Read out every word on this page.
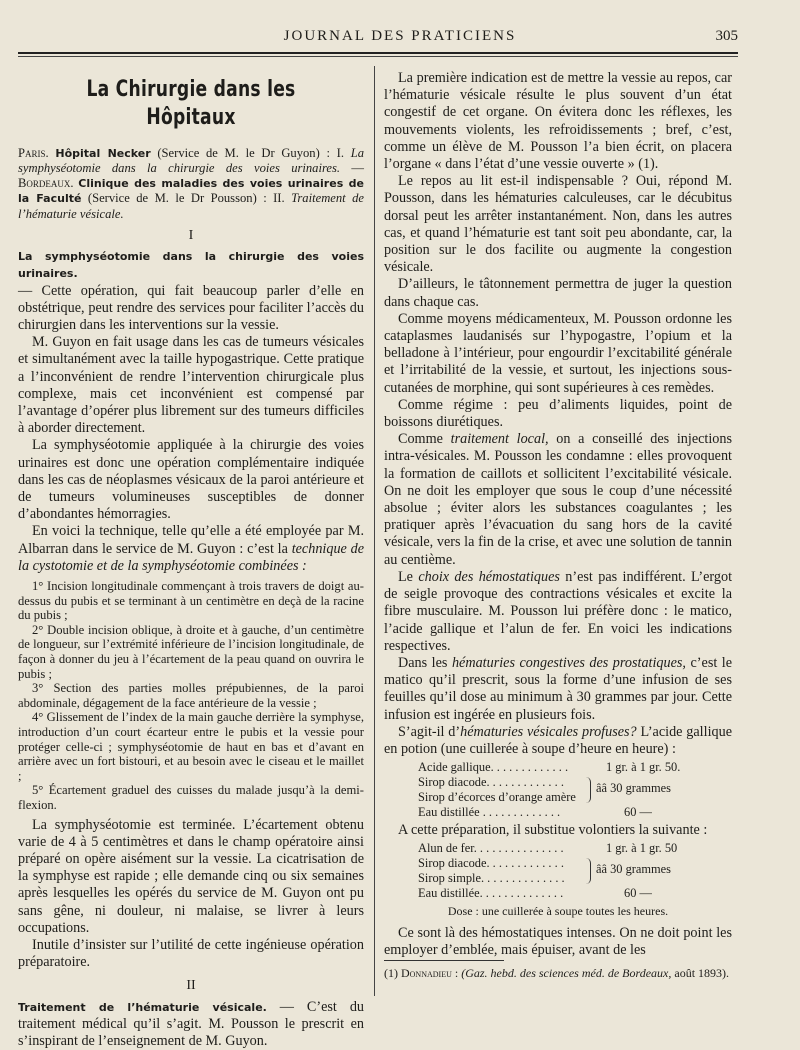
JOURNAL DES PRATICIENS	305
La Chirurgie dans les Hôpitaux

Paris. Hôpital Necker (Service de M. le Dr Guyon) : I. La symphyséotomie dans la chirurgie des voies urinaires. — Bordeaux. Clinique des maladies des voies urinaires de la Faculté (Service de M. le Dr Pousson) : II. Traitement de l’hématurie vésicale.

I

La symphyséotomie dans la chirurgie des voies urinaires.

— Cette opération, qui fait beaucoup parler d’elle en obstétrique, peut rendre des services pour faciliter l’accès du chirurgien dans les interventions sur la vessie.

M. Guyon en fait usage dans les cas de tumeurs vésicales et simultanément avec la taille hypogastrique. Cette pratique a l’inconvénient de rendre l’intervention chirurgicale plus complexe, mais cet inconvénient est compensé par l’avantage d’opérer plus librement sur des tumeurs difficiles à aborder directement.

La symphyséotomie appliquée à la chirurgie des voies urinaires est donc une opération complémentaire indiquée dans les cas de néoplasmes vésicaux de la paroi antérieure et de tumeurs volumineuses susceptibles de donner d’abondantes hémorragies.

En voici la technique, telle qu’elle a été employée par M. Albarran dans le service de M. Guyon : c’est la technique de la cystotomie et de la symphyséotomie combinées :

1° Incision longitudinale commençant à trois travers de doigt au-dessus du pubis et se terminant à un centimètre en deçà de la racine du pubis ;

2° Double incision oblique, à droite et à gauche, d’un centimètre de longueur, sur l’extrémité inférieure de l’incision longitudinale, de façon à donner du jeu à l’écartement de la peau quand on ouvrira le pubis ;

3° Section des parties molles prépubiennes, de la paroi abdominale, dégagement de la face antérieure de la vessie ;

4° Glissement de l’index de la main gauche derrière la symphyse, introduction d’un court écarteur entre le pubis et la vessie pour protéger celle-ci ; symphyséotomie de haut en bas et d’avant en arrière avec un fort bistouri, et au besoin avec le ciseau et le maillet ;

5° Écartement graduel des cuisses du malade jusqu’à la demi-flexion.

La symphyséotomie est terminée. L’écartement obtenu varie de 4 à 5 centimètres et dans le champ opératoire ainsi préparé on opère aisément sur la vessie. La cicatrisation de la symphyse est rapide ; elle demande cinq ou six semaines après lesquelles les opérés du service de M. Guyon ont pu sans gêne, ni douleur, ni malaise, se livrer à leurs occupations.

Inutile d’insister sur l’utilité de cette ingénieuse opération préparatoire.

II

Traitement de l’hématurie vésicale. — C’est du traitement médical qu’il s’agit. M. Pousson le prescrit en s’inspirant de l’enseignement de M. Guyon.

La première indication est de mettre la vessie au repos, car l’hématurie vésicale résulte le plus souvent d’un état congestif de cet organe. On évitera donc les réflexes, les mouvements violents, les refroidissements ; bref, c’est, comme un élève de M. Pousson l’a bien écrit, on placera l’organe « dans l’état d’une vessie ouverte » (1).

Le repos au lit est-il indispensable ? Oui, répond M. Pousson, dans les hématuries calculeuses, car le décubitus dorsal peut les arrêter instantanément. Non, dans les autres cas, et quand l’hématurie est tant soit peu abondante, car, la position sur le dos facilite ou augmente la congestion vésicale.

D’ailleurs, le tâtonnement permettra de juger la question dans chaque cas.

Comme moyens médicamenteux, M. Pousson ordonne les cataplasmes laudanisés sur l’hypogastre, l’opium et la belladone à l’intérieur, pour engourdir l’excitabilité générale et l’irritabilité de la vessie, et surtout, les injections sous-cutanées de morphine, qui sont supérieures à ces remèdes.

Comme régime : peu d’aliments liquides, point de boissons diurétiques.

Comme traitement local, on a conseillé des injections intra-vésicales. M. Pousson les condamne : elles provoquent la formation de caillots et sollicitent l’excitabilité vésicale. On ne doit les employer que sous le coup d’une nécessité absolue ; éviter alors les substances coagulantes ; les pratiquer après l’évacuation du sang hors de la cavité vésicale, vers la fin de la crise, et avec une solution de tannin au centième.

Le choix des hémostatiques n’est pas indifférent. L’ergot de seigle provoque des contractions vésicales et excite la fibre musculaire. M. Pousson lui préfère donc : le matico, l’acide gallique et l’alun de fer. En voici les indications respectives.

Dans les hématuries congestives des prostatiques, c’est le matico qu’il prescrit, sous la forme d’une infusion de ses feuilles qu’il dose au minimum à 30 grammes par jour. Cette infusion est ingérée en plusieurs fois.

S’agit-il d’hématuries vésicales profuses? L’acide gallique en potion (une cuillerée à soupe d’heure en heure) :

Acide gallique. . . . . . . . . . . . .	1 gr. à 1 gr. 50.
Sirop diacode. . . . . . . . . . . . .
Sirop d’écorces d’orange amère
ââ 30 grammes
Eau distillée . . . . . . . . . . . . .	60 —

A cette préparation, il substitue volontiers la suivante :

Alun de fer. . . . . . . . . . . . . . .	1 gr. à 1 gr. 50
Sirop diacode. . . . . . . . . . . . .
Sirop simple. . . . . . . . . . . . . .
ââ 30 grammes
Eau distillée. . . . . . . . . . . . . .	60 —

Dose : une cuillerée à soupe toutes les heures.

Ce sont là des hémostatiques intenses. On ne doit point les employer d’emblée, mais épuiser, avant de les

(1) Donnadieu : (Gaz. hebd. des sciences méd. de Bordeaux, août 1893).
